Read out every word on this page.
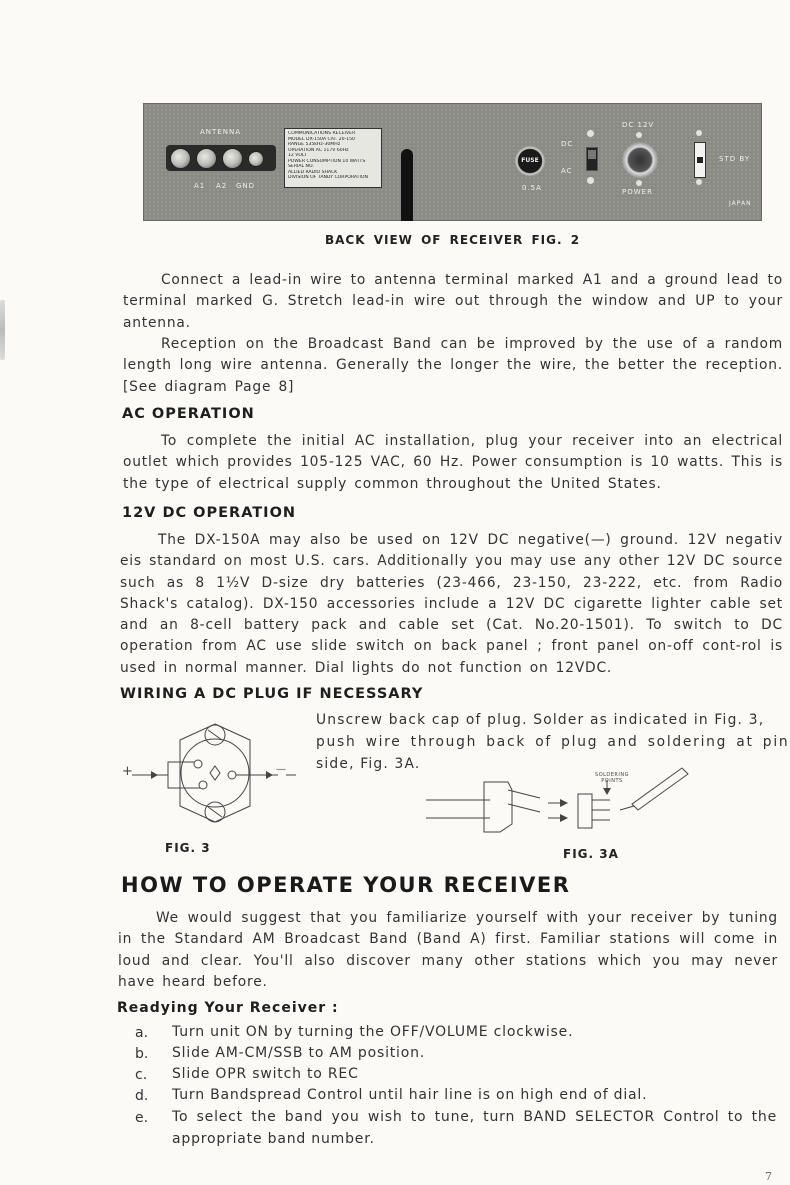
ANTENNA
A1 A2 GND
COMMUNICATIONS RECEIVER
MODEL DX-150A CAT. 20-150
RANGE 535kHz-30MHz
OPERATION AC 117V 60Hz
12 VOLT
POWER CONSUMPTION 10 WATTS
SERIAL NO.
ALLIED RADIO SHACK
DIVISION OF TANDY CORPORATION
FUSE
0.5A
DC
AC
DC 12V
POWER
STD BY
JAPAN
BACK VIEW OF RECEIVER FIG. 2
Connect a lead-in wire to antenna terminal marked A1 and a ground lead to terminal marked G. Stretch lead-in wire out through the window and UP to your antenna.
Reception on the Broadcast Band can be improved by the use of a random length long wire antenna. Generally the longer the wire, the better the reception. [See diagram Page 8]
AC OPERATION
To complete the initial AC installation, plug your receiver into an electrical outlet which provides 105-125 VAC, 60 Hz. Power consumption is 10 watts. This is the type of electrical supply common throughout the United States.
12V DC OPERATION
The DX-150A may also be used on 12V DC negative(—) ground. 12V negativ eis standard on most U.S. cars. Additionally you may use any other 12V DC source such as 8 1½V D-size dry batteries (23-466, 23-150, 23-222, etc. from Radio Shack's catalog). DX-150 accessories include a 12V DC cigarette lighter cable set and an 8-cell battery pack and cable set (Cat. No.20-1501). To switch to DC operation from AC use slide switch on back panel ; front panel on-off cont-rol is used in normal manner. Dial lights do not function on 12VDC.
WIRING A DC PLUG IF NECESSARY
Unscrew back cap of plug. Solder as indicated in Fig. 3,
push wire through back of plug and soldering at pin
side, Fig. 3A.
+	—
FIG. 3
SOLDERING POINTS
FIG. 3A
HOW TO OPERATE YOUR RECEIVER
We would suggest that you familiarize yourself with your receiver by tuning in the Standard AM Broadcast Band (Band A) first. Familiar stations will come in loud and clear. You'll also discover many other stations which you may never have heard before.
Readying Your Receiver :
a. Turn unit ON by turning the OFF/VOLUME clockwise.
b. Slide AM-CM/SSB to AM position.
c. Slide OPR switch to REC
d. Turn Bandspread Control until hair line is on high end of dial.
e. To select the band you wish to tune, turn BAND SELECTOR Control to the appropriate band number.
7
